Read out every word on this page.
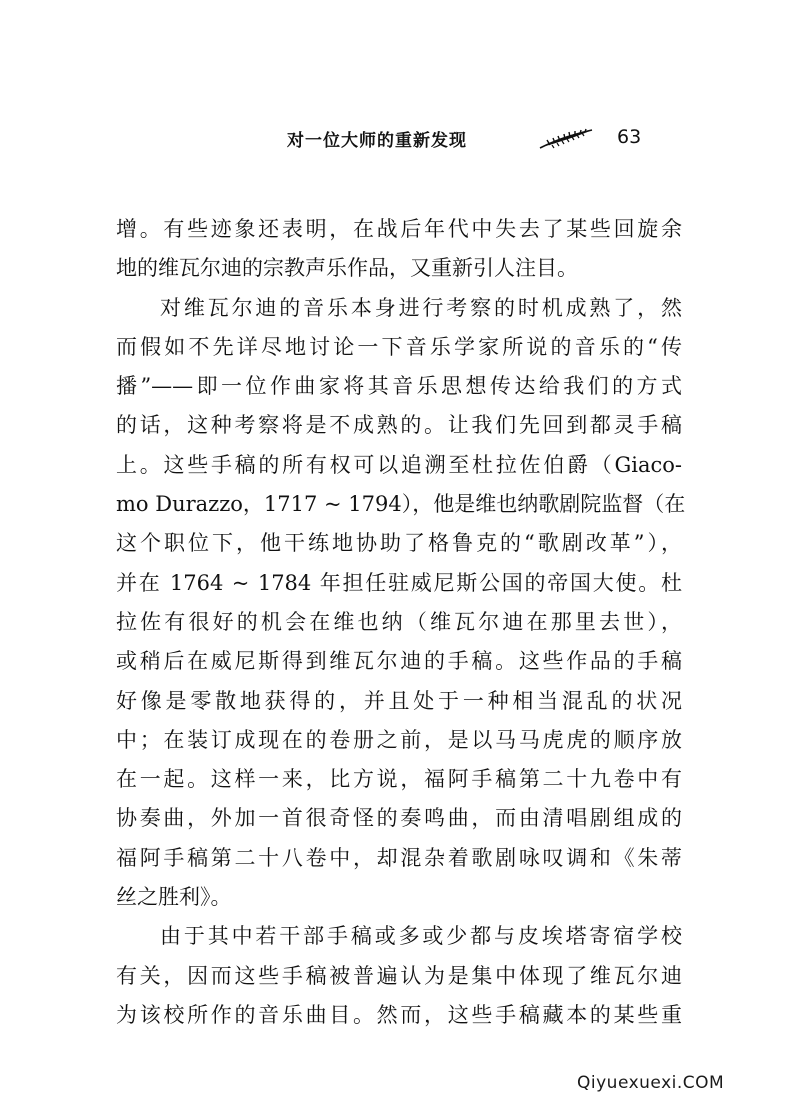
对一位大师的重新发现	63
增。有些迹象还表明，在战后年代中失去了某些回旋余
地的维瓦尔迪的宗教声乐作品，又重新引人注目。
对维瓦尔迪的音乐本身进行考察的时机成熟了，然
而假如不先详尽地讨论一下音乐学家所说的音乐的“传
播”——即一位作曲家将其音乐思想传达给我们的方式
的话，这种考察将是不成熟的。让我们先回到都灵手稿
上。这些手稿的所有权可以追溯至杜拉佐伯爵（Giaco-
mo Durazzo，1717 ~ 1794），他是维也纳歌剧院监督（在
这个职位下，他干练地协助了格鲁克的“歌剧改革”），
并在 1764 ~ 1784 年担任驻威尼斯公国的帝国大使。杜
拉佐有很好的机会在维也纳（维瓦尔迪在那里去世），
或稍后在威尼斯得到维瓦尔迪的手稿。这些作品的手稿
好像是零散地获得的，并且处于一种相当混乱的状况
中；在装订成现在的卷册之前，是以马马虎虎的顺序放
在一起。这样一来，比方说，福阿手稿第二十九卷中有
协奏曲，外加一首很奇怪的奏鸣曲，而由清唱剧组成的
福阿手稿第二十八卷中，却混杂着歌剧咏叹调和《朱蒂
丝之胜利》。
由于其中若干部手稿或多或少都与皮埃塔寄宿学校
有关，因而这些手稿被普遍认为是集中体现了维瓦尔迪
为该校所作的音乐曲目。然而，这些手稿藏本的某些重
Qiyuexuexi.COM
